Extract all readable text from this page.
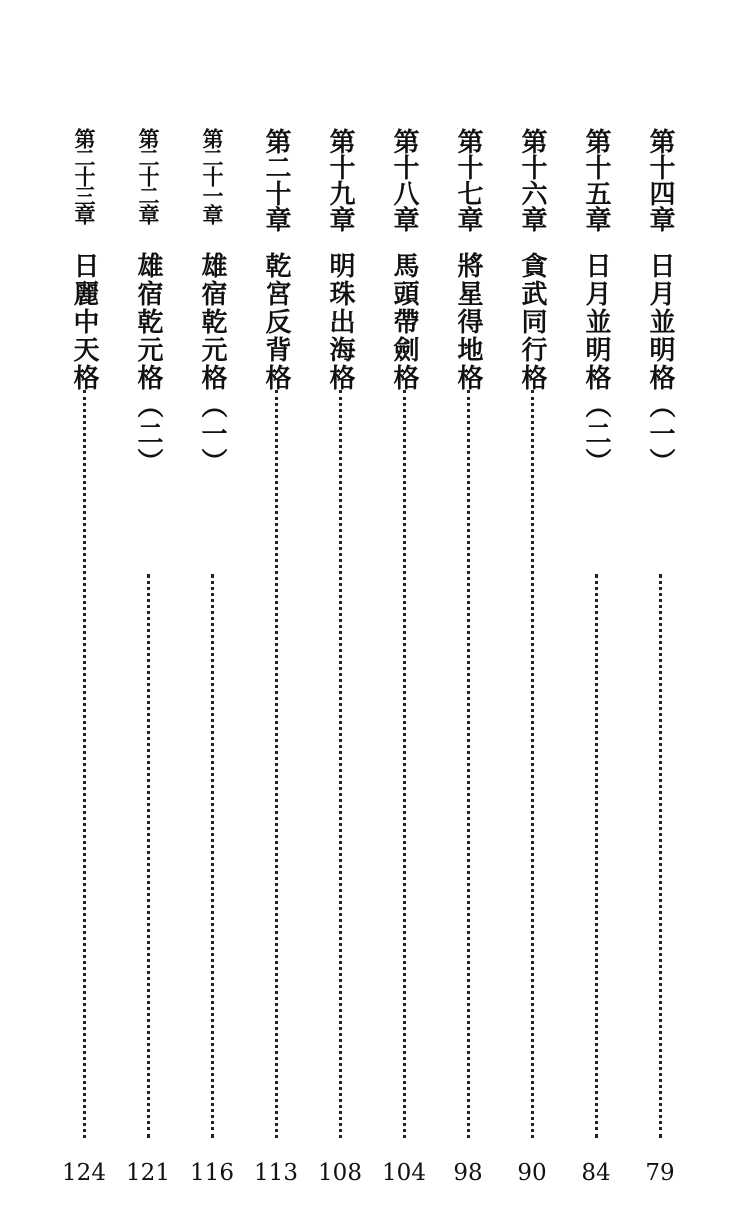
第十四章
日月並明格（一）
79
第十五章
日月並明格（二）
84
第十六章
貪武同行格
90
第十七章
將星得地格
98
第十八章
馬頭帶劍格
104
第十九章
明珠出海格
108
第二十章
乾宮反背格
113
第二十一章
雄宿乾元格（一）
116
第二十二章
雄宿乾元格（二）
121
第二十三章
日麗中天格
124
